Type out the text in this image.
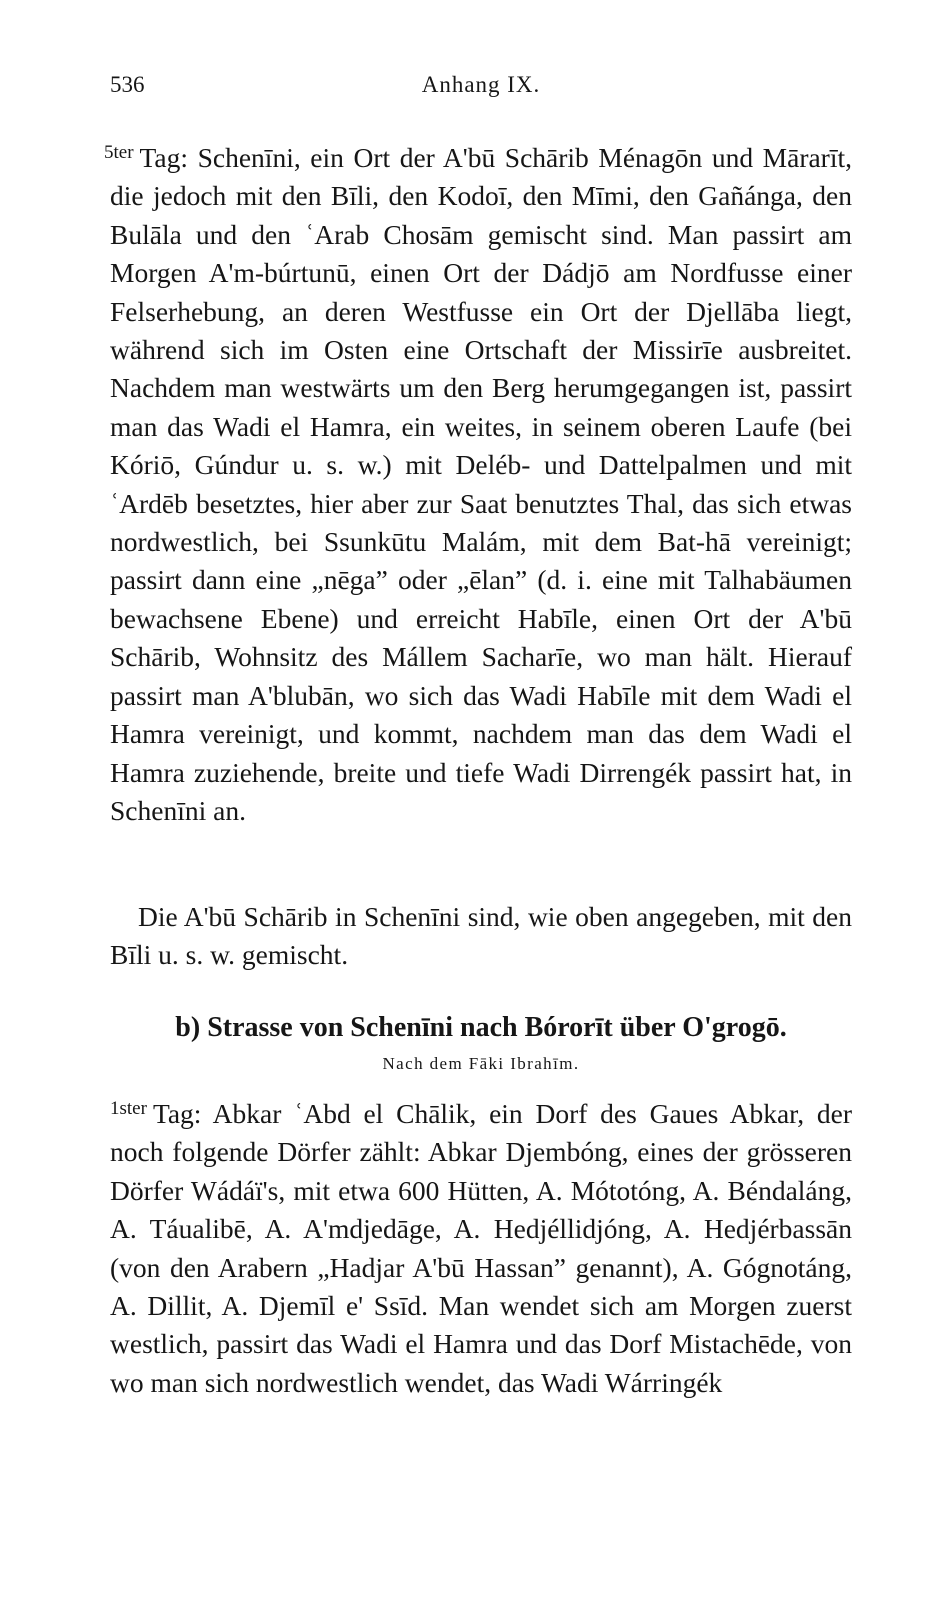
536	Anhang IX.

$^{5ter}$ Tag: Schenīni, ein Ort der A'bū Schārib Ménagōn und Mārarīt, die jedoch mit den Bīli, den Kodoī, den Mīmi, den Gañánga, den Bulāla und den ʿArab Chosām gemischt sind. Man passirt am Morgen A'm-búrtunū, einen Ort der Dádjō am Nordfusse einer Felserhebung, an deren Westfusse ein Ort der Djellāba liegt, während sich im Osten eine Ortschaft der Missirīe ausbreitet. Nachdem man westwärts um den Berg herumgegangen ist, passirt man das Wadi el Hamra, ein weites, in seinem oberen Laufe (bei Kóriō, Gúndur u. s. w.) mit Deléb- und Dattelpalmen und mit ʿArdēb besetztes, hier aber zur Saat benutztes Thal, das sich etwas nordwestlich, bei Ssunkūtu Malám, mit dem Bat-hā vereinigt; passirt dann eine „nēga” oder „ēlan” (d. i. eine mit Talhabäumen bewachsene Ebene) und erreicht Habīle, einen Ort der A'bū Schārib, Wohnsitz des Mállem Sacharīe, wo man hält. Hierauf passirt man A'blubān, wo sich das Wadi Habīle mit dem Wadi el Hamra vereinigt, und kommt, nachdem man das dem Wadi el Hamra zuziehende, breite und tiefe Wadi Dirrengék passirt hat, in Schenīni an.

Die A'bū Schārib in Schenīni sind, wie oben angegeben, mit den Bīli u. s. w. gemischt.

b) Strasse von Schenīni nach Bórorīt über O'grogō.
Nach dem Fāki Ibrahīm.

$^{1ster}$ Tag: Abkar ʿAbd el Chālik, ein Dorf des Gaues Abkar, der noch folgende Dörfer zählt: Abkar Djembóng, eines der grösseren Dörfer Wádáï's, mit etwa 600 Hütten, A. Mótotóng, A. Béndaláng, A. Táualibē, A. A'mdjedāge, A. Hedjéllidjóng, A. Hedjérbassān (von den Arabern „Hadjar A'bū Hassan” genannt), A. Gógnotáng, A. Dillit, A. Djemīl e' Ssīd. Man wendet sich am Morgen zuerst westlich, passirt das Wadi el Hamra und das Dorf Mistachēde, von wo man sich nordwestlich wendet, das Wadi Wárringék
